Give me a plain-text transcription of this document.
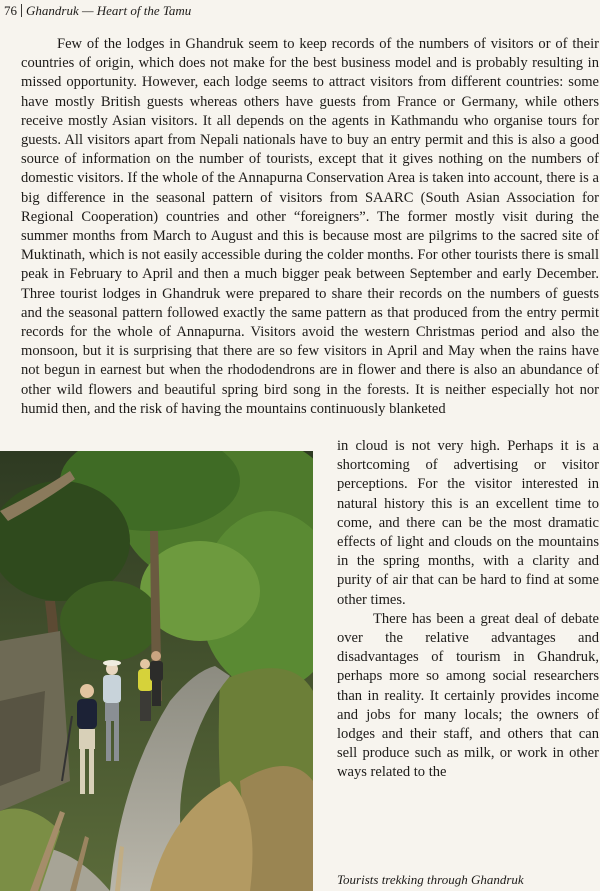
76 Ghandruk — Heart of the Tamu

Few of the lodges in Ghandruk seem to keep records of the numbers of visitors or of their countries of origin, which does not make for the best business model and is probably resulting in missed opportunity. However, each lodge seems to attract visitors from different countries: some have mostly British guests whereas others have guests from France or Germany, while others receive mostly Asian visitors. It all depends on the agents in Kathmandu who organise tours for guests. All visitors apart from Nepali nationals have to buy an entry permit and this is also a good source of information on the number of tourists, except that it gives nothing on the numbers of domestic visitors. If the whole of the Annapurna Conservation Area is taken into account, there is a big difference in the seasonal pattern of visitors from SAARC (South Asian Association for Regional Cooperation) countries and other “foreigners”. The former mostly visit during the summer months from March to August and this is because most are pilgrims to the sacred site of Muktinath, which is not easily accessible during the colder months. For other tourists there is small peak in February to April and then a much bigger peak between September and early December. Three tourist lodges in Ghandruk were prepared to share their records on the numbers of guests and the seasonal pattern followed exactly the same pattern as that produced from the entry permit records for the whole of Annapurna. Visitors avoid the western Christmas period and also the monsoon, but it is surprising that there are so few visitors in April and May when the rains have not begun in earnest but when the rhododendrons are in flower and there is also an abundance of other wild flowers and beautiful spring bird song in the forests. It is neither especially hot nor humid then, and the risk of having the mountains continuously blanketed

in cloud is not very high. Perhaps it is a shortcoming of advertising or visitor perceptions. For the visitor interested in natural history this is an excellent time to come, and there can be the most dramatic effects of light and clouds on the mountains in the spring months, with a clarity and purity of air that can be hard to find at some other times.

There has been a great deal of debate over the relative advantages and disadvantages of tourism in Ghandruk, perhaps more so among social researchers than in reality. It certainly provides income and jobs for many locals; the owners of lodges and their staff, and others that can sell produce such as milk, or work in other ways related to the

Tourists trekking through Ghandruk
